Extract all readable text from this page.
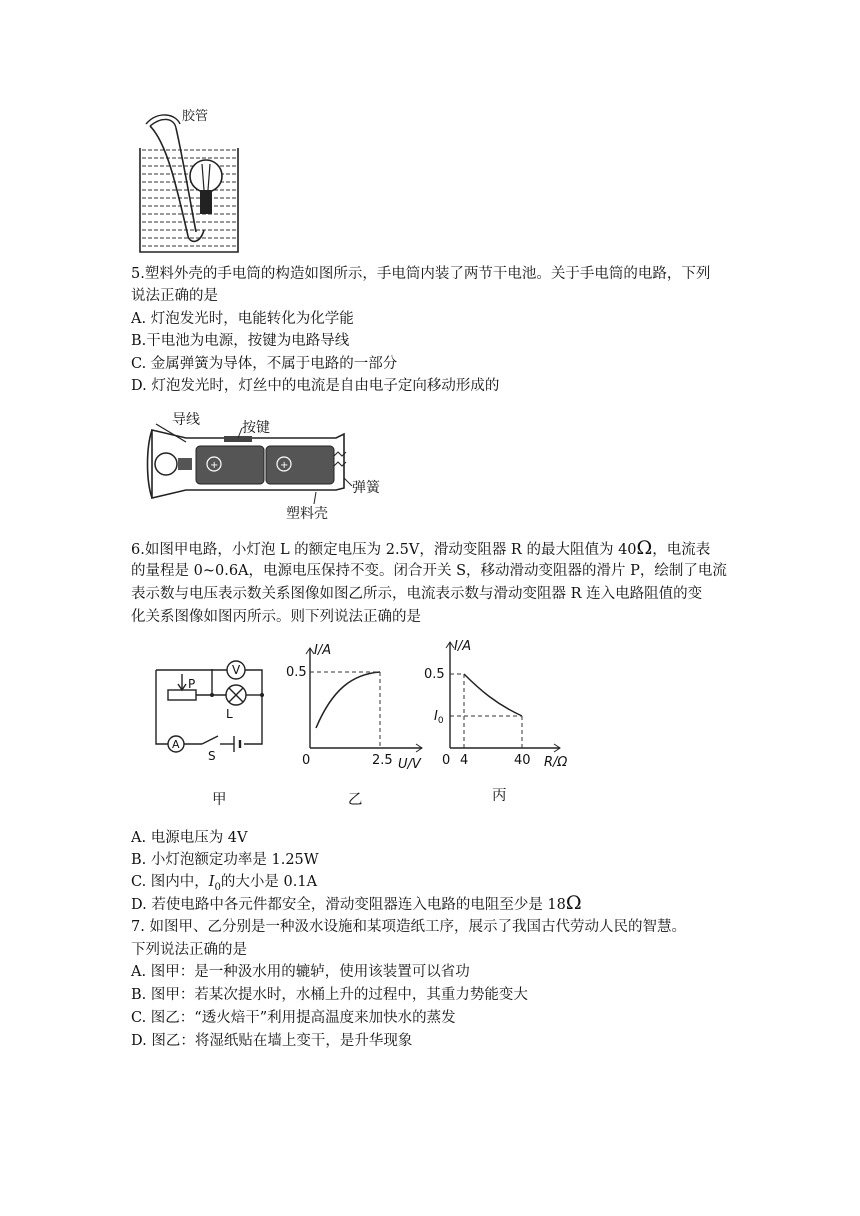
胶管
5.塑料外壳的手电筒的构造如图所示，手电筒内装了两节干电池。关于手电筒的电路，下列
说法正确的是
A. 灯泡发光时，电能转化为化学能
B.干电池为电源，按键为电路导线
C. 金属弹簧为导体，不属于电路的一部分
D. 灯泡发光时，灯丝中的电流是自由电子定向移动形成的
+	+
导线	按键
弹簧
塑料壳
6.如图甲电路，小灯泡 L 的额定电压为 2.5V，滑动变阻器 R 的最大阻值为 40Ω，电流表
的量程是 0~0.6A，电源电压保持不变。闭合开关 S，移动滑动变阻器的滑片 P，绘制了电流
表示数与电压表示数关系图像如图乙所示，电流表示数与滑动变阻器 R 连入电路阻值的变
化关系图像如图丙所示。则下列说法正确的是
P
V
L
A
S
I/A
0.5
0	2.5 U/V
I/A
0.5
$I_0$
0 4	40 R/Ω
甲	乙	丙
A. 电源电压为 4V
B. 小灯泡额定功率是 1.25W
C. 图内中，$I_0$的大小是 0.1A
D. 若使电路中各元件都安全，滑动变阻器连入电路的电阻至少是 18Ω
7. 如图甲、乙分别是一种汲水设施和某项造纸工序，展示了我国古代劳动人民的智慧。
下列说法正确的是
A. 图甲：是一种汲水用的辘轳，使用该装置可以省功
B. 图甲：若某次提水时，水桶上升的过程中，其重力势能变大
C. 图乙：“透火焙干”利用提高温度来加快水的蒸发
D. 图乙：将湿纸贴在墙上变干，是升华现象
